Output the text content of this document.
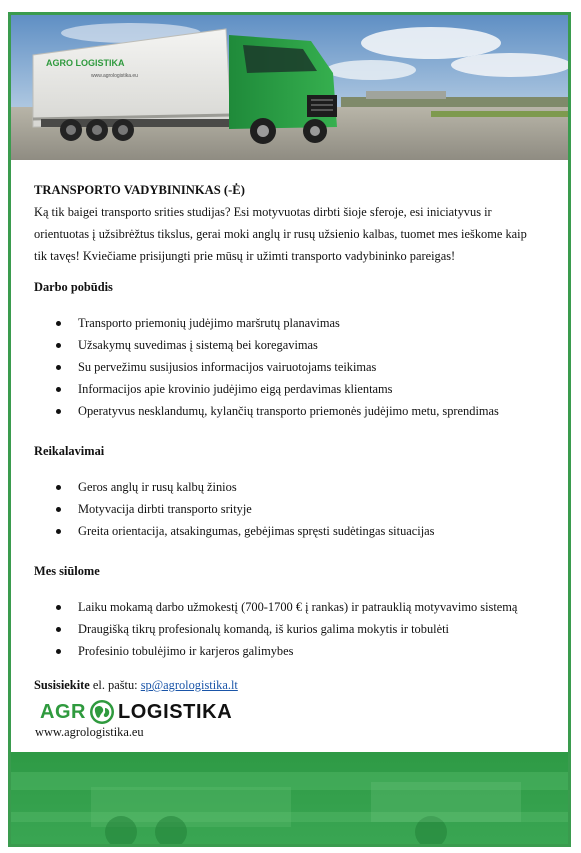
AGRO LOGISTIKA
www.agrologistika.eu
TRANSPORTO VADYBININKAS (-Ė)
Ką tik baigei transporto srities studijas? Esi motyvuotas dirbti šioje sferoje, esi iniciatyvus ir
orientuotas į užsibrėžtus tikslus, gerai moki anglų ir rusų užsienio kalbas, tuomet mes ieškome kaip
tik tavęs! Kviečiame prisijungti prie mūsų ir užimti transporto vadybininko pareigas!
Darbo pobūdis
Transporto priemonių judėjimo maršrutų planavimas
Užsakymų suvedimas į sistemą bei koregavimas
Su pervežimu susijusios informacijos vairuotojams teikimas
Informacijos apie krovinio judėjimo eigą perdavimas klientams
Operatyvus nesklandumų, kylančių transporto priemonės judėjimo metu, sprendimas
Reikalavimai
Geros anglų ir rusų kalbų žinios
Motyvacija dirbti transporto srityje
Greita orientacija, atsakingumas, gebėjimas spręsti sudėtingas situacijas
Mes siūlome
Laiku mokamą darbo užmokestį (700-1700 € į rankas) ir patrauklią motyvavimo sistemą
Draugišką tikrų profesionalų komandą, iš kurios galima mokytis ir tobulėti
Profesinio tobulėjimo ir karjeros galimybes
Susisiekite el. paštu: sp@agrologistika.lt
AGR LOGISTIKA
www.agrologistika.eu
